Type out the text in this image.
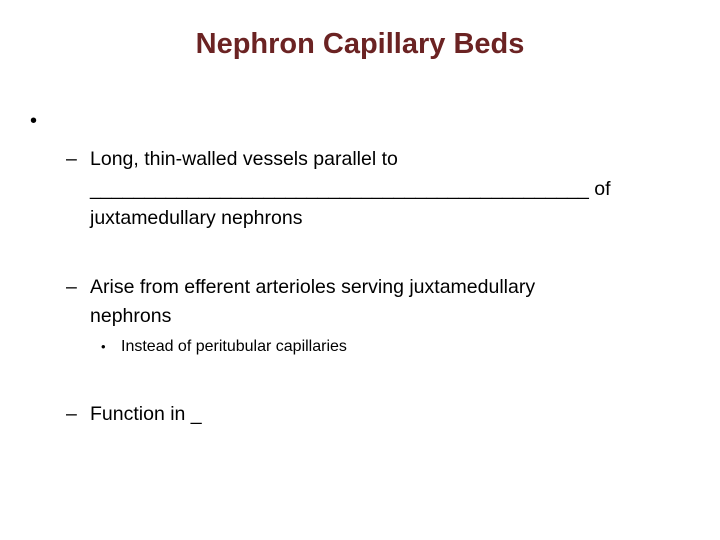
Nephron Capillary Beds
•
– Long, thin-walled vessels parallel to
______________________________________________ of
juxtamedullary nephrons
– Arise from efferent arterioles serving juxtamedullary
nephrons
• Instead of peritubular capillaries
– Function in _
